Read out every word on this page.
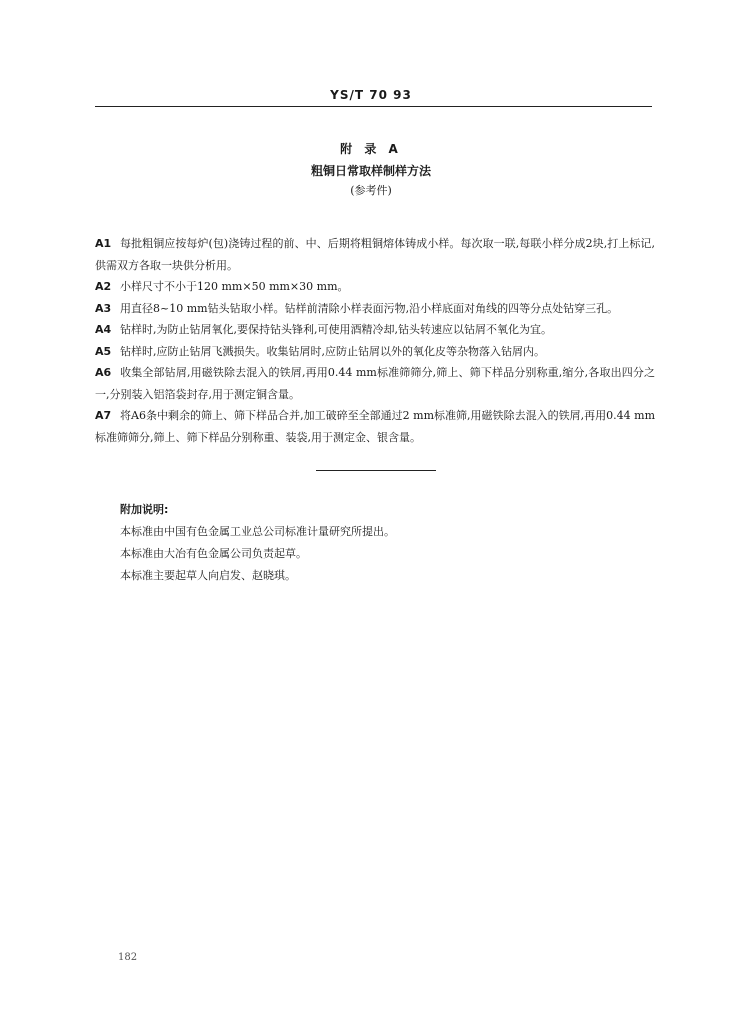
YS/T 70 93
附 录 A
粗铜日常取样制样方法
(参考件)

A1 每批粗铜应按每炉(包)浇铸过程的前、中、后期将粗铜熔体铸成小样。每次取一联,每联小样分成2块,打上标记,供需双方各取一块供分析用。

A2 小样尺寸不小于120 mm×50 mm×30 mm。

A3 用直径8~10 mm钻头钻取小样。钻样前清除小样表面污物,沿小样底面对角线的四等分点处钻穿三孔。

A4 钻样时,为防止钻屑氧化,要保持钻头锋利,可使用酒精冷却,钻头转速应以钻屑不氧化为宜。

A5 钻样时,应防止钻屑飞溅损失。收集钻屑时,应防止钻屑以外的氧化皮等杂物落入钻屑内。

A6 收集全部钻屑,用磁铁除去混入的铁屑,再用0.44 mm标准筛筛分,筛上、筛下样品分别称重,缩分,各取出四分之一,分别装入铝箔袋封存,用于测定铜含量。

A7 将A6条中剩余的筛上、筛下样品合并,加工破碎至全部通过2 mm标准筛,用磁铁除去混入的铁屑,再用0.44 mm标准筛筛分,筛上、筛下样品分别称重、装袋,用于测定金、银含量。

附加说明:
本标准由中国有色金属工业总公司标准计量研究所提出。
本标准由大冶有色金属公司负责起草。
本标准主要起草人向启发、赵晓琪。
182
